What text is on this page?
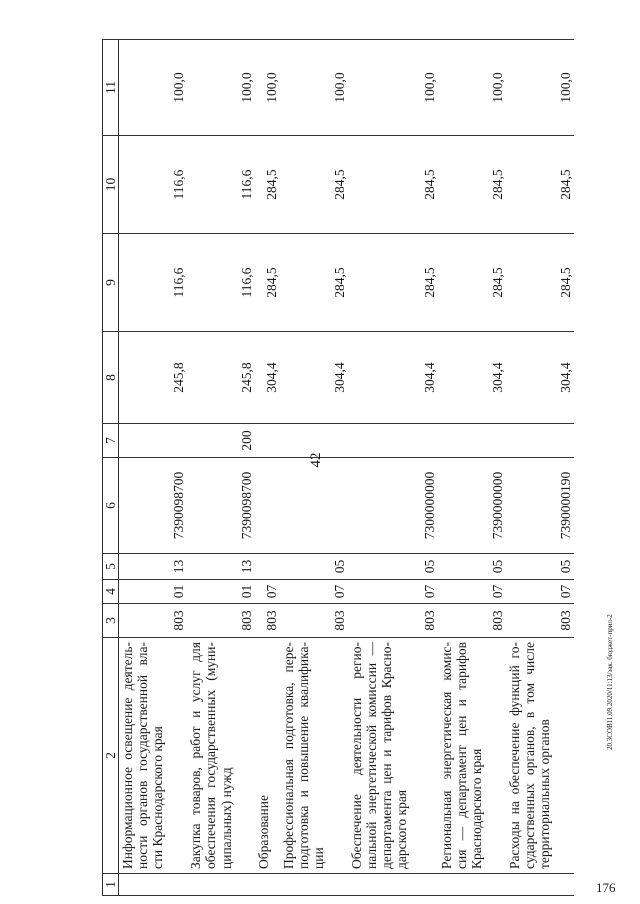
42
20.3СОВ11.09.2020/11:13/зак. бюджет-прил-2
176
1	2	3	4	5	6	7	8	9	10	11
	Информационное освещение деятель-ности органов государственной вла-сти Краснодарского края	803	01	13	7390098700		245,8	116,6	116,6	100,0
	Закупка товаров, работ и услуг для обеспечения государственных (муни-ципальных) нужд	803	01	13	7390098700	200	245,8	116,6	116,6	100,0
	Образование	803	07				304,4	284,5	284,5	100,0
	Профессиональная подготовка, пере-подготовка и повышение квалифика-ции	803	07	05			304,4	284,5	284,5	100,0
	Обеспечение деятельности регио-нальной энергетической комиссии — департамента цен и тарифов Красно-дарского края	803	07	05	7300000000		304,4	284,5	284,5	100,0
	Региональная энергетическая комис-сия — департамент цен и тарифов Краснодарского края	803	07	05	7390000000		304,4	284,5	284,5	100,0
	Расходы на обеспечение функций го-сударственных органов, в том числе территориальных органов	803	07	05	7390000190		304,4	284,5	284,5	100,0
